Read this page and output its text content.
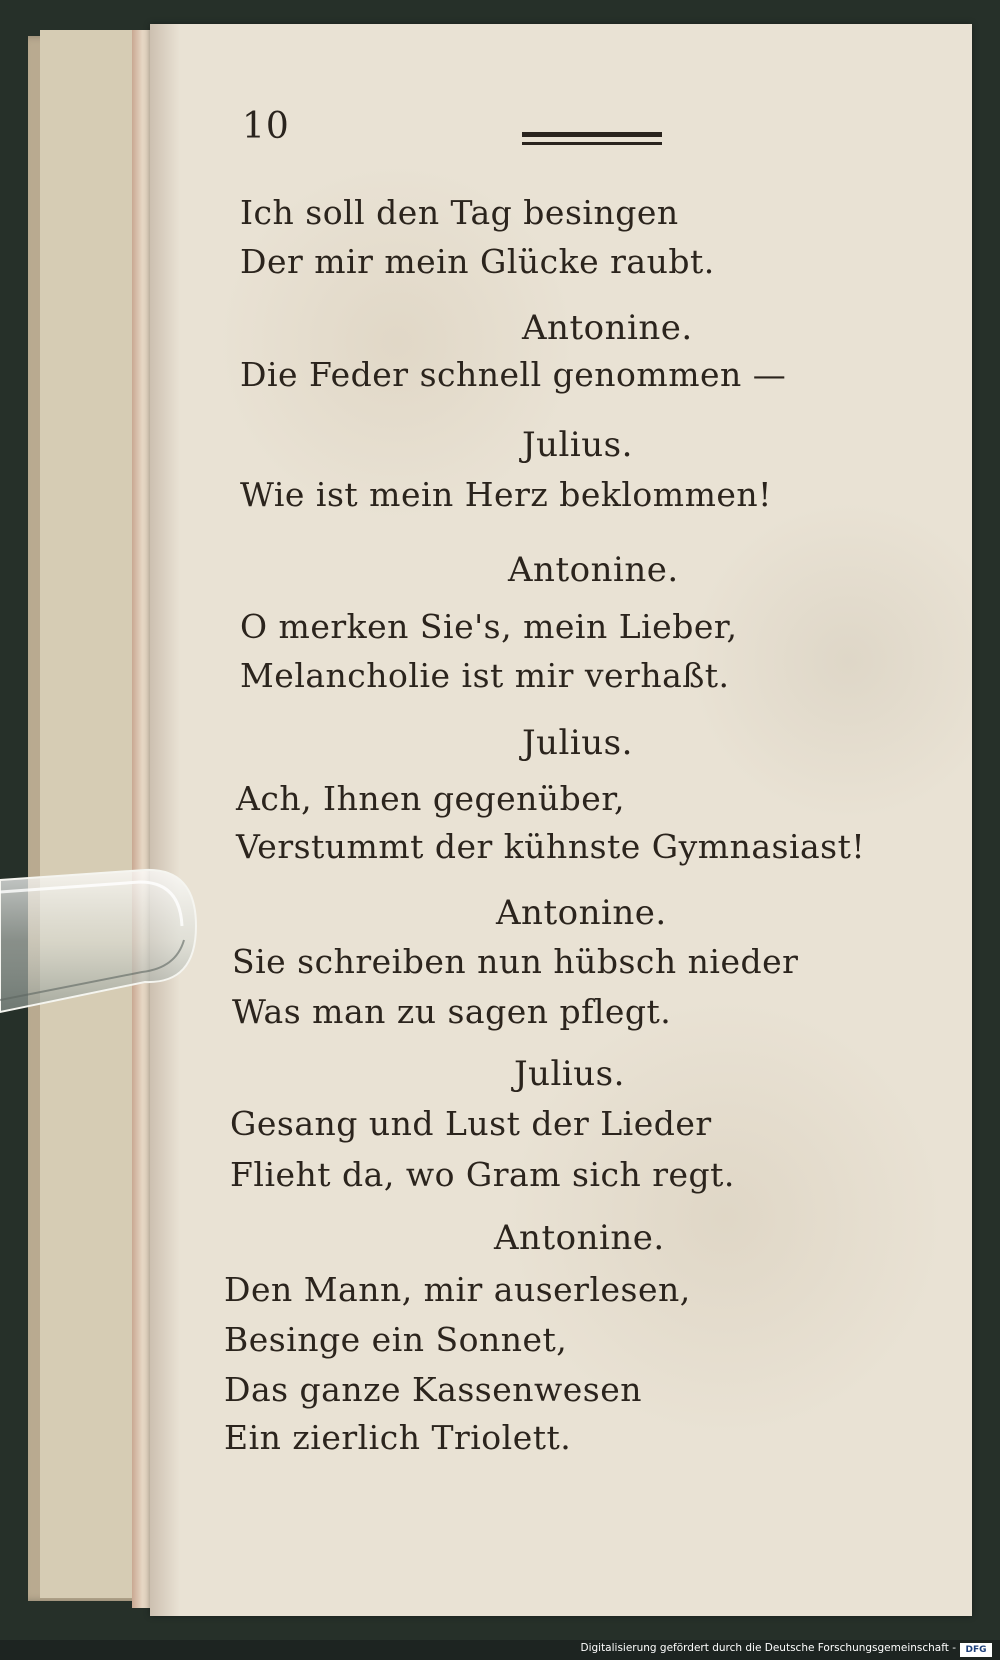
10
Ich soll den Tag besingen
Der mir mein Glücke raubt.
Antonine.
Die Feder schnell genommen —
Julius.
Wie ist mein Herz beklommen!
Antonine.
O merken Sie's, mein Lieber,
Melancholie ist mir verhaßt.
Julius.
Ach, Ihnen gegenüber,
Verstummt der kühnste Gymnasiast!
Antonine.
Sie schreiben nun hübsch nieder
Was man zu sagen pflegt.
Julius.
Gesang und Lust der Lieder
Flieht da, wo Gram sich regt.
Antonine.
Den Mann, mir auserlesen,
Besinge ein Sonnet,
Das ganze Kassenwesen
Ein zierlich Triolett.
Digitalisierung gefördert durch die Deutsche Forschungsgemeinschaft -	DFG
